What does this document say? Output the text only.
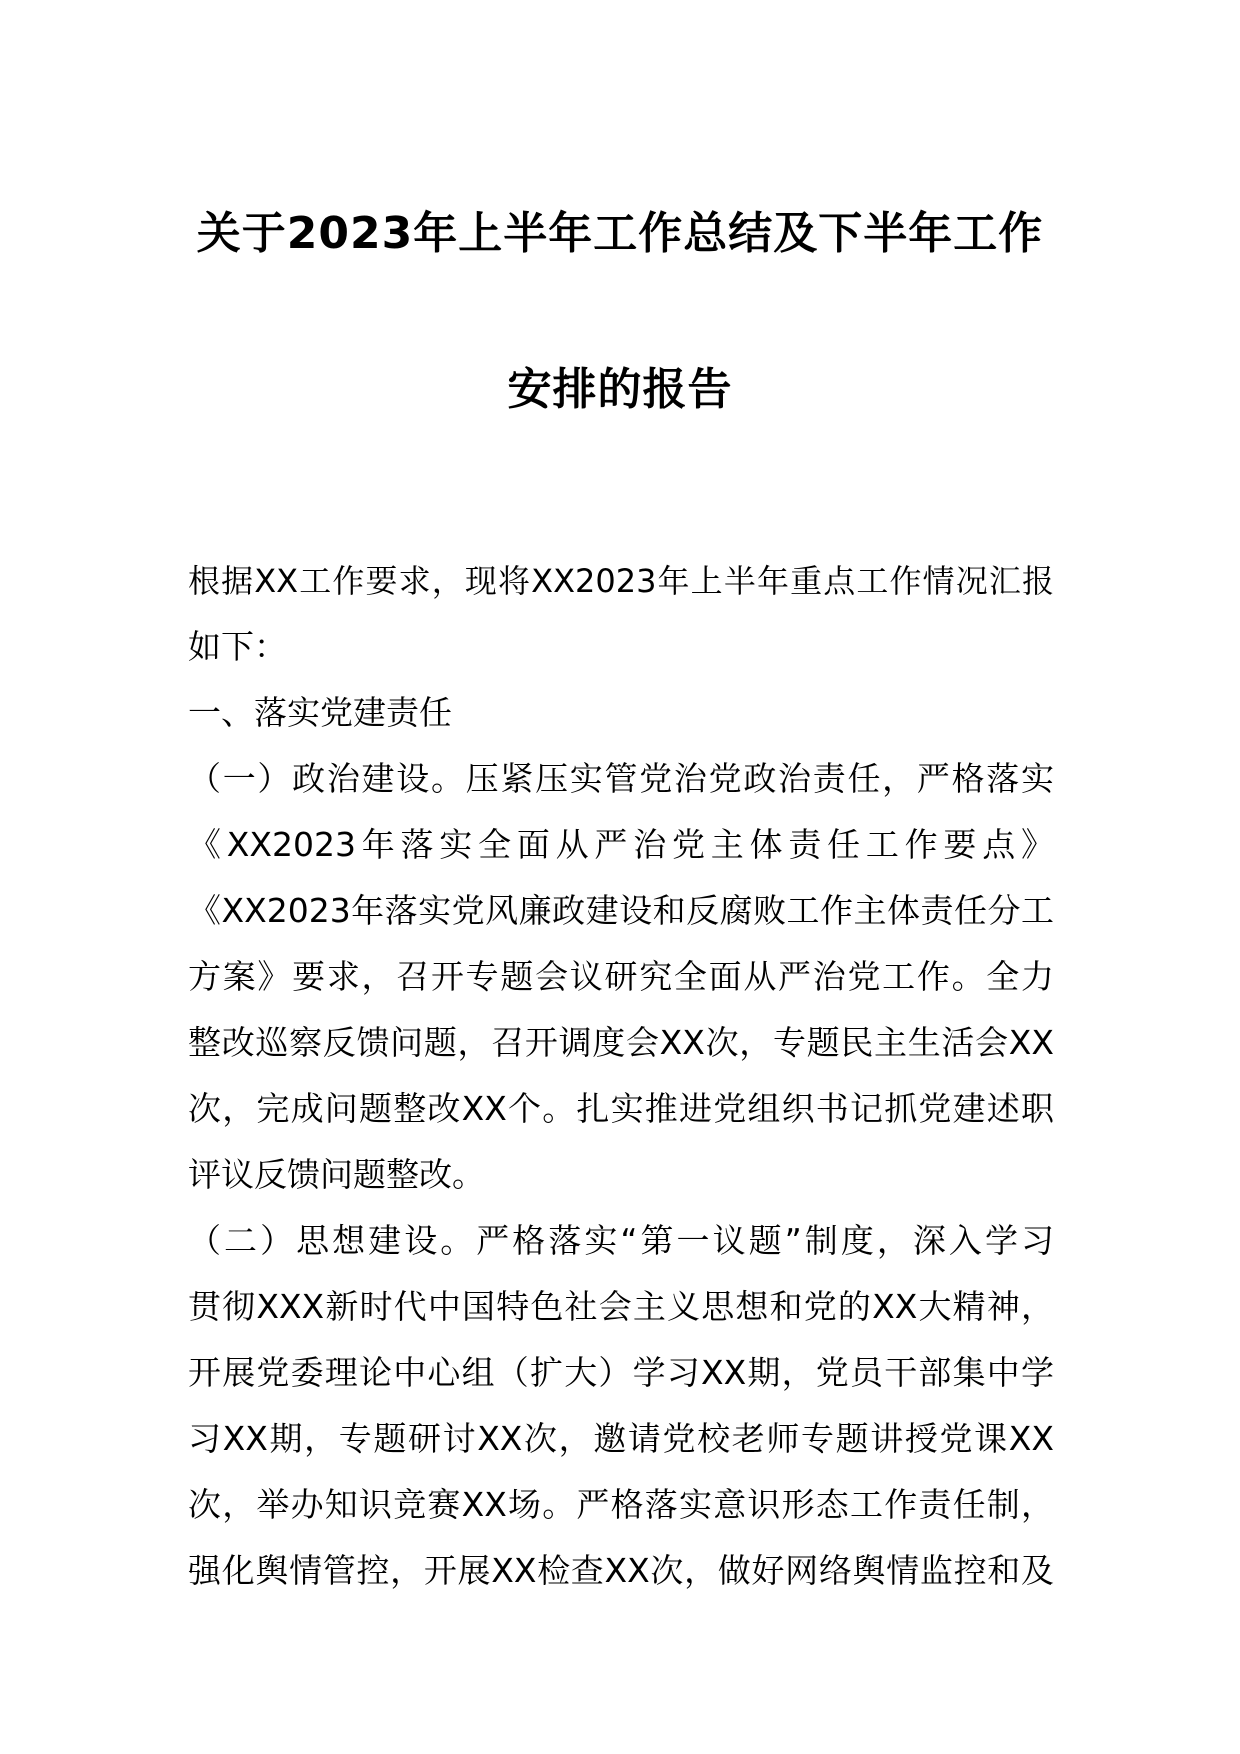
关于2023年上半年工作总结及下半年工作
安排的报告
根据XX工作要求，现将XX2023年上半年重点工作情况汇报
如下：
一、落实党建责任
（一）政治建设。压紧压实管党治党政治责任，严格落实
《XX2023年落实全面从严治党主体责任工作要点》
《XX2023年落实党风廉政建设和反腐败工作主体责任分工
方案》要求，召开专题会议研究全面从严治党工作。全力
整改巡察反馈问题，召开调度会XX次，专题民主生活会XX
次，完成问题整改XX个。扎实推进党组织书记抓党建述职
评议反馈问题整改。
（二）思想建设。严格落实“第一议题”制度，深入学习
贯彻XXX新时代中国特色社会主义思想和党的XX大精神，
开展党委理论中心组（扩大）学习XX期，党员干部集中学
习XX期，专题研讨XX次，邀请党校老师专题讲授党课XX
次，举办知识竞赛XX场。严格落实意识形态工作责任制，
强化舆情管控，开展XX检查XX次，做好网络舆情监控和及
